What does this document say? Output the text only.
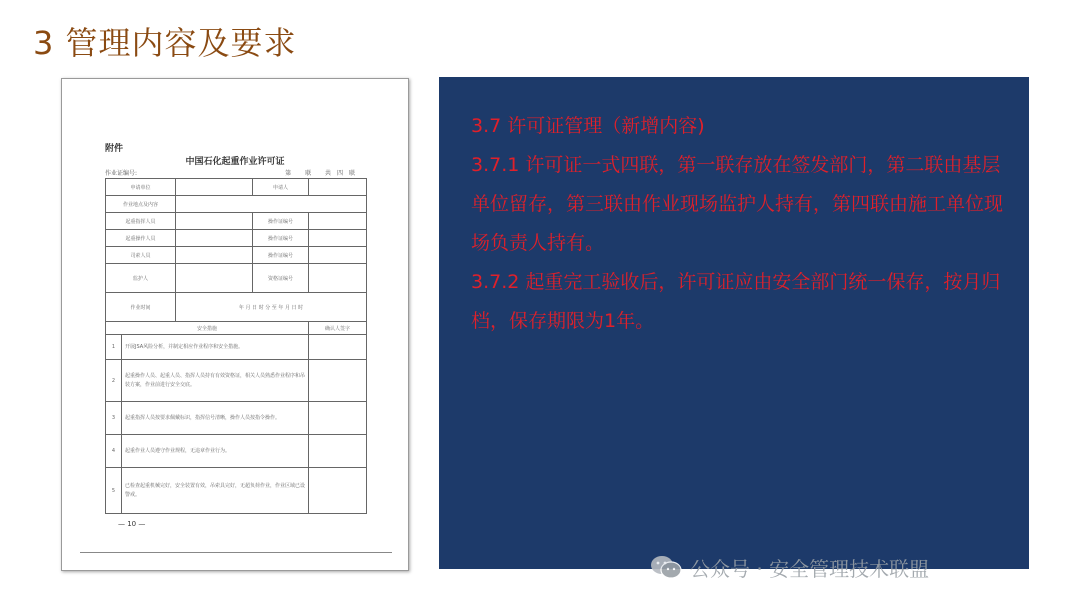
3 管理内容及要求
附件
中国石化起重作业许可证
作业证编号:	第 联 共四联
申请单位			申请人	
作业地点及内容				
起重指挥人员			操作证编号	
起重操作人员			操作证编号	
司索人员			操作证编号	
监护人			资格证编号	
作业时间		年 月 日 时 分 至 年 月 日 时		
安全措施				确认人签字
1	开展JSA风险分析，并制定相应作业程序和安全措施。			
2	起重操作人员、起重人员、指挥人员持有有效资格证，相关人员熟悉作业程序和吊装方案，作业前进行安全交底。			
3	起重指挥人员按要求佩戴标识，指挥信号清晰，操作人员按指令操作。			
4	起重作业人员遵守作业规程，无违章作业行为。			
5	已检查起重机械完好，安全装置有效，吊索具完好，无超负荷作业，作业区域已设警戒。			
— 10 —

3.7 许可证管理（新增内容)

3.7.1 许可证一式四联，第一联存放在签发部门，第二联由基层单位留存，第三联由作业现场监护人持有，第四联由施工单位现场负责人持有。

3.7.2 起重完工验收后，许可证应由安全部门统一保存，按月归档，保存期限为1年。

公众号 · 安全管理技术联盟
